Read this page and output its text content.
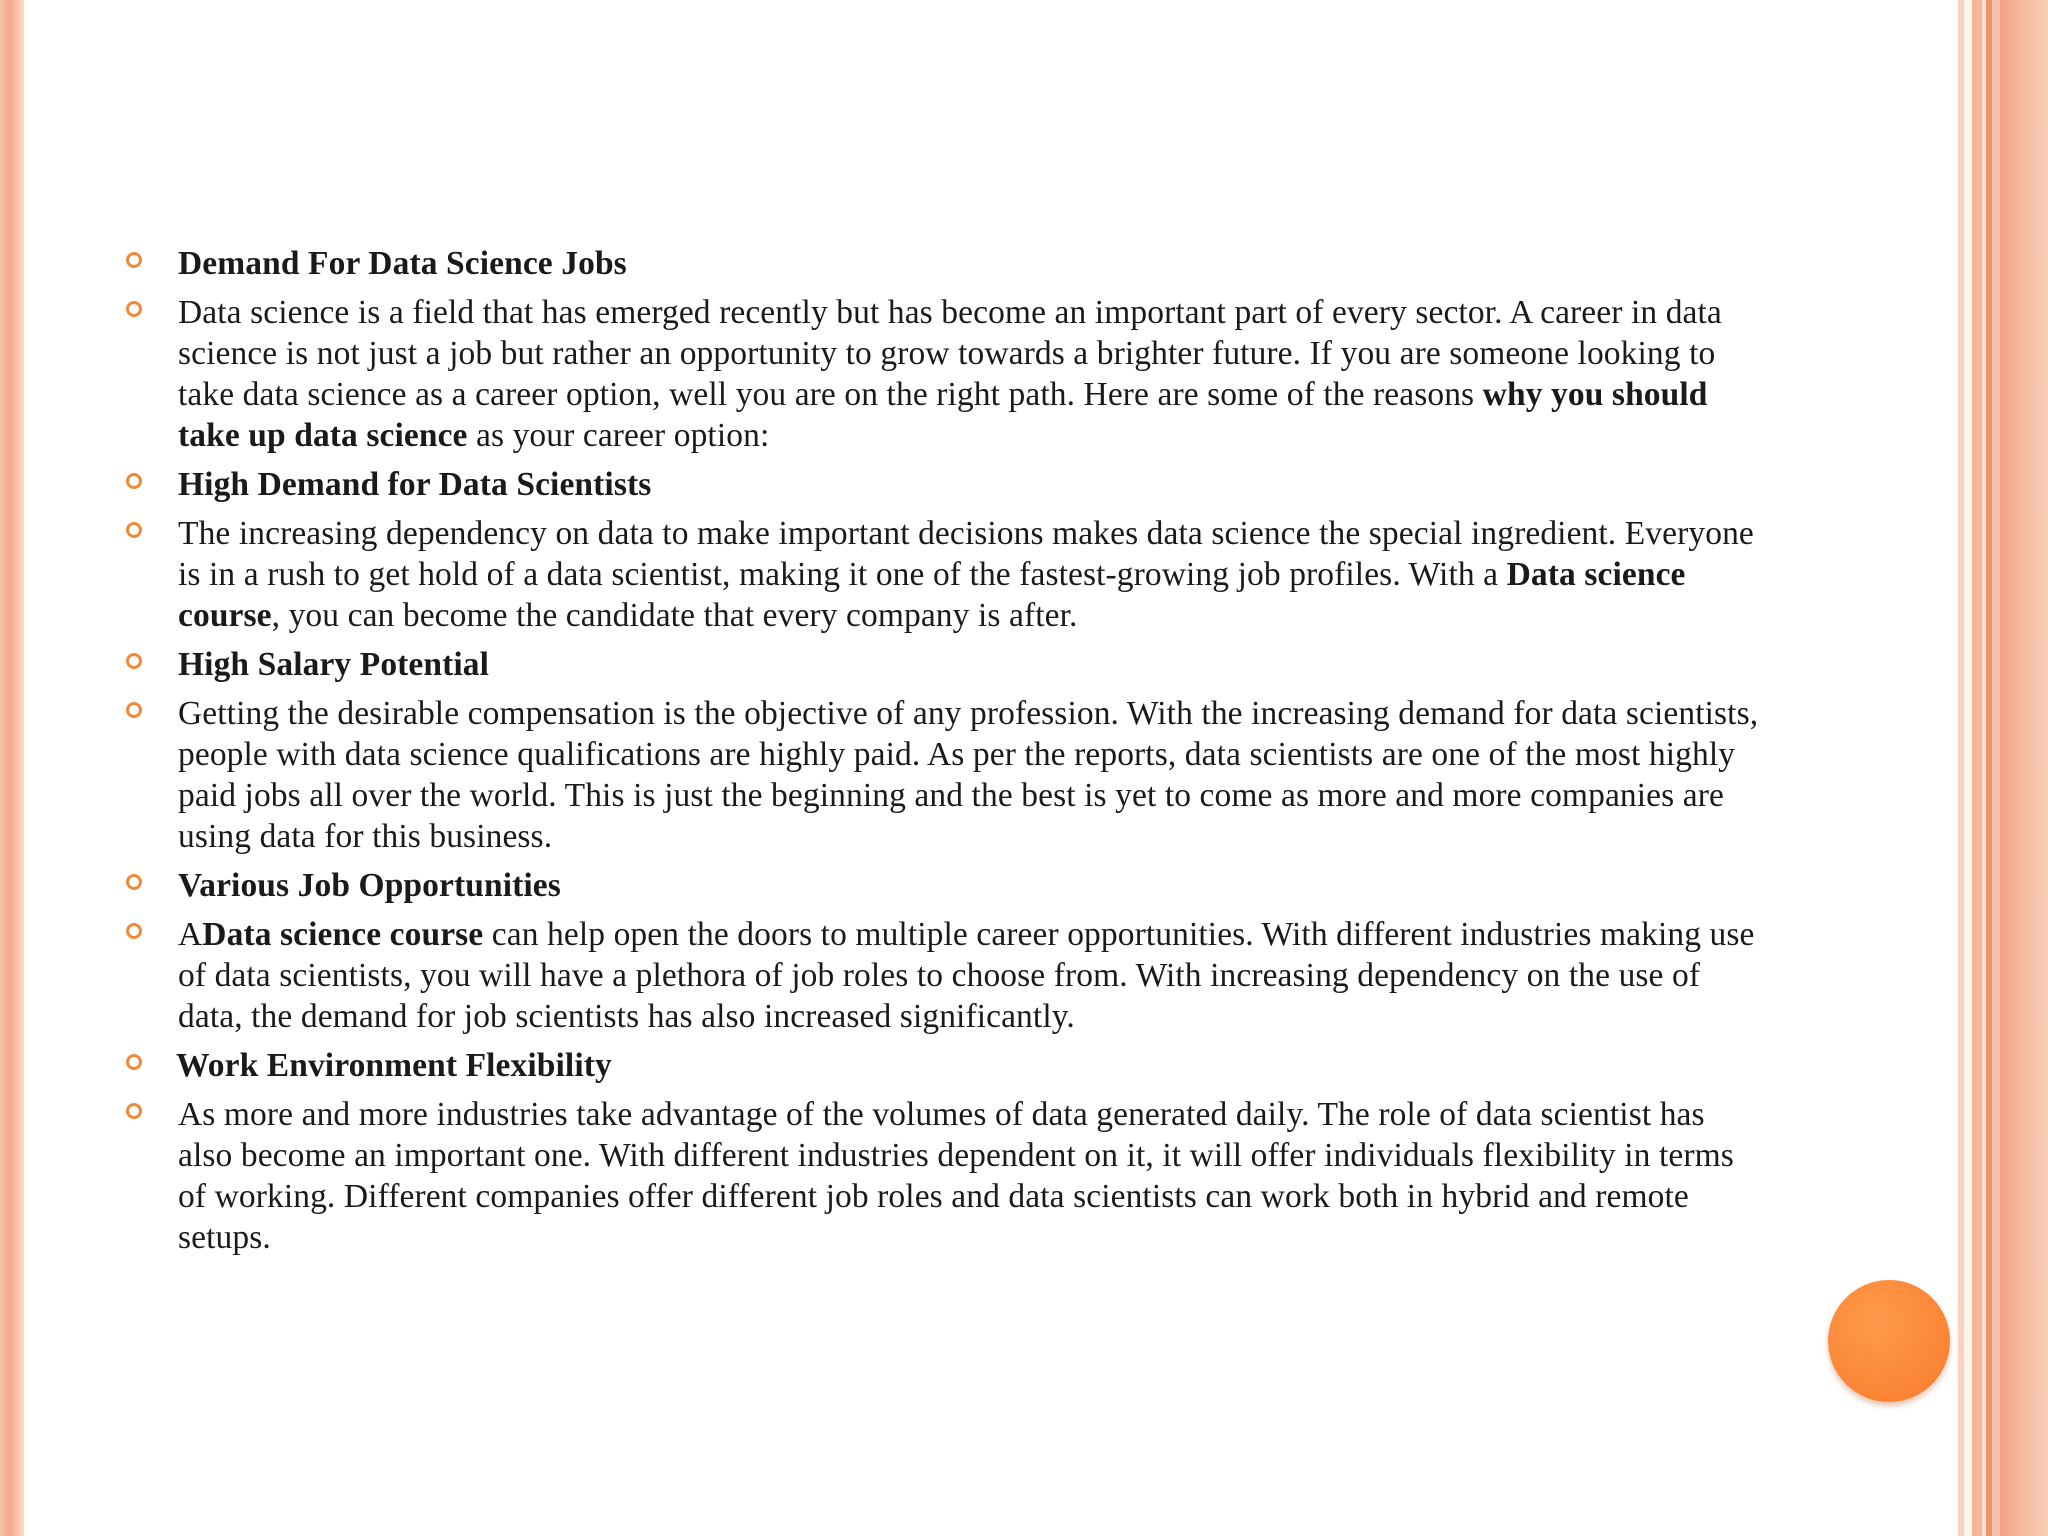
Demand For Data Science Jobs
Data science is a field that has emerged recently but has become an important part of every sector. A career in data science is not just a job but rather an opportunity to grow towards a brighter future. If you are someone looking to take data science as a career option, well you are on the right path. Here are some of the reasons why you should take up data science as your career option:
High Demand for Data Scientists
The increasing dependency on data to make important decisions makes data science the special ingredient. Everyone is in a rush to get hold of a data scientist, making it one of the fastest-growing job profiles. With a Data science course, you can become the candidate that every company is after.
High Salary Potential
Getting the desirable compensation is the objective of any profession. With the increasing demand for data scientists, people with data science qualifications are highly paid. As per the reports, data scientists are one of the most highly paid jobs all over the world. This is just the beginning and the best is yet to come as more and more companies are using data for this business.
Various Job Opportunities
AData science course can help open the doors to multiple career opportunities. With different industries making use of data scientists, you will have a plethora of job roles to choose from. With increasing dependency on the use of data, the demand for job scientists has also increased significantly.
Work Environment Flexibility
As more and more industries take advantage of the volumes of data generated daily. The role of data scientist has also become an important one. With different industries dependent on it, it will offer individuals flexibility in terms of working. Different companies offer different job roles and data scientists can work both in hybrid and remote setups.
